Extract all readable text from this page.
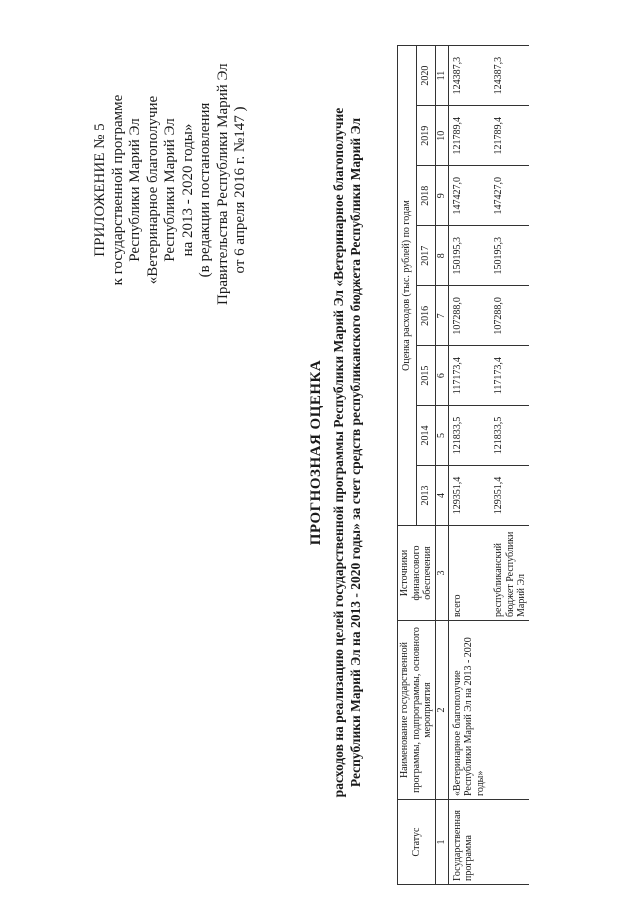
ПРИЛОЖЕНИЕ № 5 к государственной программе Республики Марий Эл «Ветеринарное благополучие Республики Марий Эл на 2013 - 2020 годы» (в редакции постановления Правительства Республики Марий Эл от 6 апреля 2016 г. №147 )
ПРОГНОЗНАЯ ОЦЕНКА расходов на реализацию целей государственной программы Республики Марий Эл «Ветеринарное благополучие Республики Марий Эл на 2013 - 2020 годы» за счет средств республиканского бюджета Республики Марий Эл
Статус	Наименование государственной программы, подпрограммы, основного мероприятия	Источники финансового обеспечения	Оценка расходов (тыс. рублей) по годам							
			2013	2014	2015	2016	2017	2018	2019	2020
1	2	3	4	5	6	7	8	9	10	11
Государственная программа	«Ветеринарное благополучие Республики Марий Эл на 2013 - 2020 годы»	всего	129351,4	121833,5	117173,4	107288,0	150195,3	147427,0	121789,4	124387,3
		республиканский бюджет Республики Марий Эл	129351,4	121833,5	117173,4	107288,0	150195,3	147427,0	121789,4	124387,3
